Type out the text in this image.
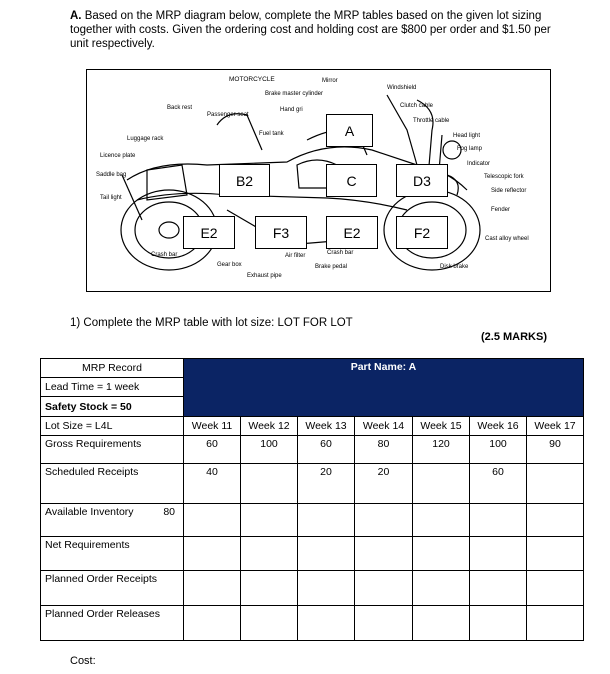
A. Based on the MRP diagram below, complete the MRP tables based on the given lot sizing together with costs. Given the ordering cost and holding cost are $800 per order and $1.50 per unit respectively.
MOTORCYCLE	Mirror
Brake master cylinder
Hand gri
Windshield
Clutch cable
Throttle cable
Back rest
Passenger seat
Fuel tank
Luggage rack
Licence plate
Saddle bag
Tail light
Head light
Fog lamp
Indicator
Telescopic fork
Side reflector
Fender
Cast alloy wheel
Crash bar
Gear box
Exhaust pipe
Air filter	Crash bar
Brake pedal	Disk brake
A
B2	C	D3
E2	F3	E2	F2
1) Complete the MRP table with lot size: LOT FOR LOT
(2.5 MARKS)
MRP Record	Part Name: A						
Lead Time = 1 week							
Safety Stock = 50							
Lot Size = L4L	Week 11	Week 12	Week 13	Week 14	Week 15	Week 16	Week 17
Gross Requirements	60	100	60	80	120	100	90
Scheduled Receipts	40		20	20		60	
Available Inventory 80							

Net Requirements							
Planned Order Receipts							
Planned Order Releases							
Cost:
